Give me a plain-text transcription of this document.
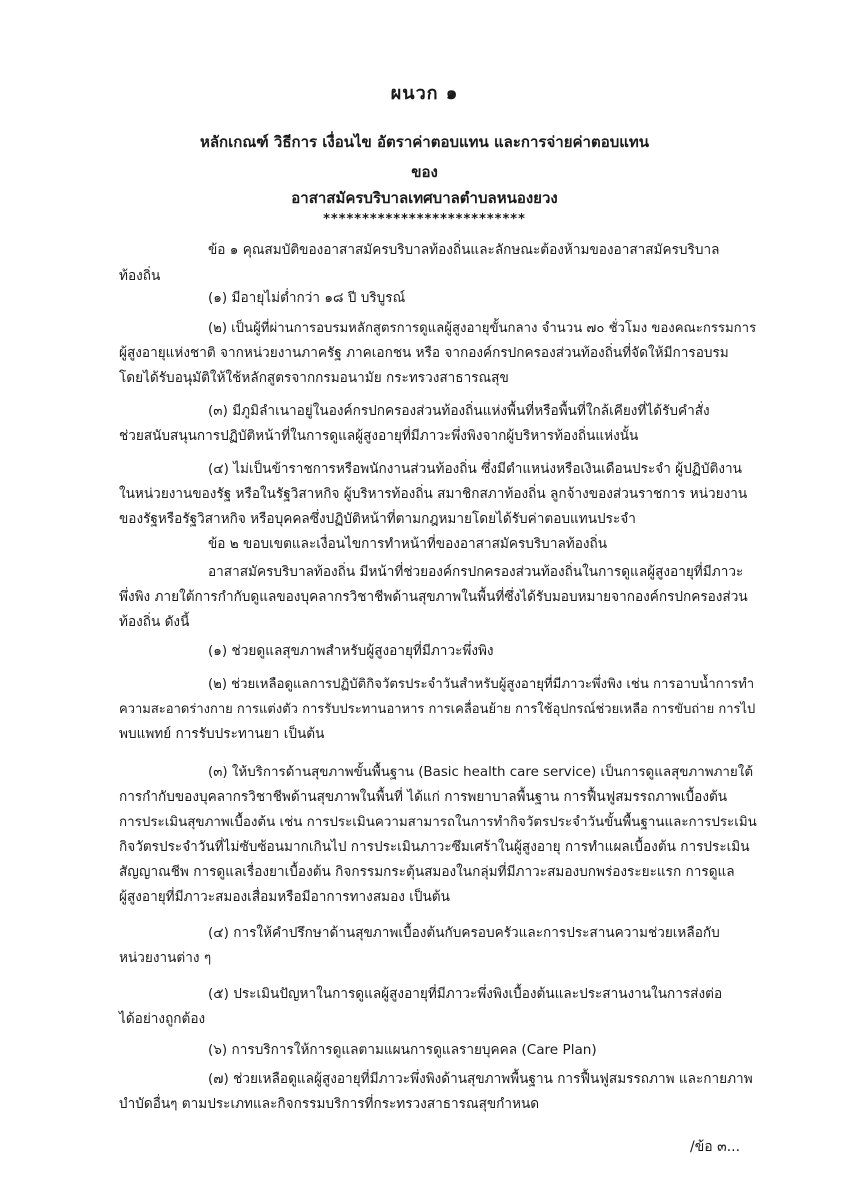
ผนวก ๑
หลักเกณฑ์ วิธีการ เงื่อนไข อัตราค่าตอบแทน และการจ่ายค่าตอบแทน
ของ
อาสาสมัครบริบาลเทศบาลตำบลหนองยวง
**************************
ข้อ ๑ คุณสมบัติของอาสาสมัครบริบาลท้องถิ่นและลักษณะต้องห้ามของอาสาสมัครบริบาล
ท้องถิ่น
(๑) มีอายุไม่ต่ำกว่า ๑๘ ปี บริบูรณ์
(๒) เป็นผู้ที่ผ่านการอบรมหลักสูตรการดูแลผู้สูงอายุขั้นกลาง จำนวน ๗๐ ชั่วโมง ของคณะกรรมการ
ผู้สูงอายุแห่งชาติ จากหน่วยงานภาครัฐ ภาคเอกชน หรือ จากองค์กรปกครองส่วนท้องถิ่นที่จัดให้มีการอบรม
โดยได้รับอนุมัติให้ใช้หลักสูตรจากกรมอนามัย กระทรวงสาธารณสุข
(๓) มีภูมิลำเนาอยู่ในองค์กรปกครองส่วนท้องถิ่นแห่งพื้นที่หรือพื้นที่ใกล้เคียงที่ได้รับคำสั่ง
ช่วยสนับสนุนการปฏิบัติหน้าที่ในการดูแลผู้สูงอายุที่มีภาวะพึ่งพิงจากผู้บริหารท้องถิ่นแห่งนั้น
(๔) ไม่เป็นข้าราชการหรือพนักงานส่วนท้องถิ่น ซึ่งมีตำแหน่งหรือเงินเดือนประจำ ผู้ปฏิบัติงาน
ในหน่วยงานของรัฐ หรือในรัฐวิสาหกิจ ผู้บริหารท้องถิ่น สมาชิกสภาท้องถิ่น ลูกจ้างของส่วนราชการ หน่วยงาน
ของรัฐหรือรัฐวิสาหกิจ หรือบุคคลซึ่งปฏิบัติหน้าที่ตามกฎหมายโดยได้รับค่าตอบแทนประจำ
ข้อ ๒ ขอบเขตและเงื่อนไขการทำหน้าที่ของอาสาสมัครบริบาลท้องถิ่น
อาสาสมัครบริบาลท้องถิ่น มีหน้าที่ช่วยองค์กรปกครองส่วนท้องถิ่นในการดูแลผู้สูงอายุที่มีภาวะ
พึ่งพิง ภายใต้การกำกับดูแลของบุคลากรวิชาชีพด้านสุขภาพในพื้นที่ซึ่งได้รับมอบหมายจากองค์กรปกครองส่วน
ท้องถิ่น ดังนี้
(๑) ช่วยดูแลสุขภาพสำหรับผู้สูงอายุที่มีภาวะพึ่งพิง
(๒) ช่วยเหลือดูแลการปฏิบัติกิจวัตรประจำวันสำหรับผู้สูงอายุที่มีภาวะพึ่งพิง เช่น การอาบน้ำการทำ
ความสะอาดร่างกาย การแต่งตัว การรับประทานอาหาร การเคลื่อนย้าย การใช้อุปกรณ์ช่วยเหลือ การขับถ่าย การไป
พบแพทย์ การรับประทานยา เป็นต้น
(๓) ให้บริการด้านสุขภาพขั้นพื้นฐาน (Basic health care service) เป็นการดูแลสุขภาพภายใต้
การกำกับของบุคลากรวิชาชีพด้านสุขภาพในพื้นที่ ได้แก่ การพยาบาลพื้นฐาน การฟื้นฟูสมรรถภาพเบื้องต้น
การประเมินสุขภาพเบื้องต้น เช่น การประเมินความสามารถในการทำกิจวัตรประจำวันขั้นพื้นฐานและการประเมิน
กิจวัตรประจำวันที่ไม่ซับซ้อนมากเกินไป การประเมินภาวะซึมเศร้าในผู้สูงอายุ การทำแผลเบื้องต้น การประเมิน
สัญญาณชีพ การดูแลเรื่องยาเบื้องต้น กิจกรรมกระตุ้นสมองในกลุ่มที่มีภาวะสมองบกพร่องระยะแรก การดูแล
ผู้สูงอายุที่มีภาวะสมองเสื่อมหรือมีอาการทางสมอง เป็นต้น
(๔) การให้คำปรึกษาด้านสุขภาพเบื้องต้นกับครอบครัวและการประสานความช่วยเหลือกับ
หน่วยงานต่าง ๆ
(๕) ประเมินปัญหาในการดูแลผู้สูงอายุที่มีภาวะพึ่งพิงเบื้องต้นและประสานงานในการส่งต่อ
ได้อย่างถูกต้อง
(๖) การบริการให้การดูแลตามแผนการดูแลรายบุคคล (Care Plan)
(๗) ช่วยเหลือดูแลผู้สูงอายุที่มีภาวะพึ่งพิงด้านสุขภาพพื้นฐาน การฟื้นฟูสมรรถภาพ และกายภาพ
บำบัดอื่นๆ ตามประเภทและกิจกรรมบริการที่กระทรวงสาธารณสุขกำหนด
/ข้อ ๓...
